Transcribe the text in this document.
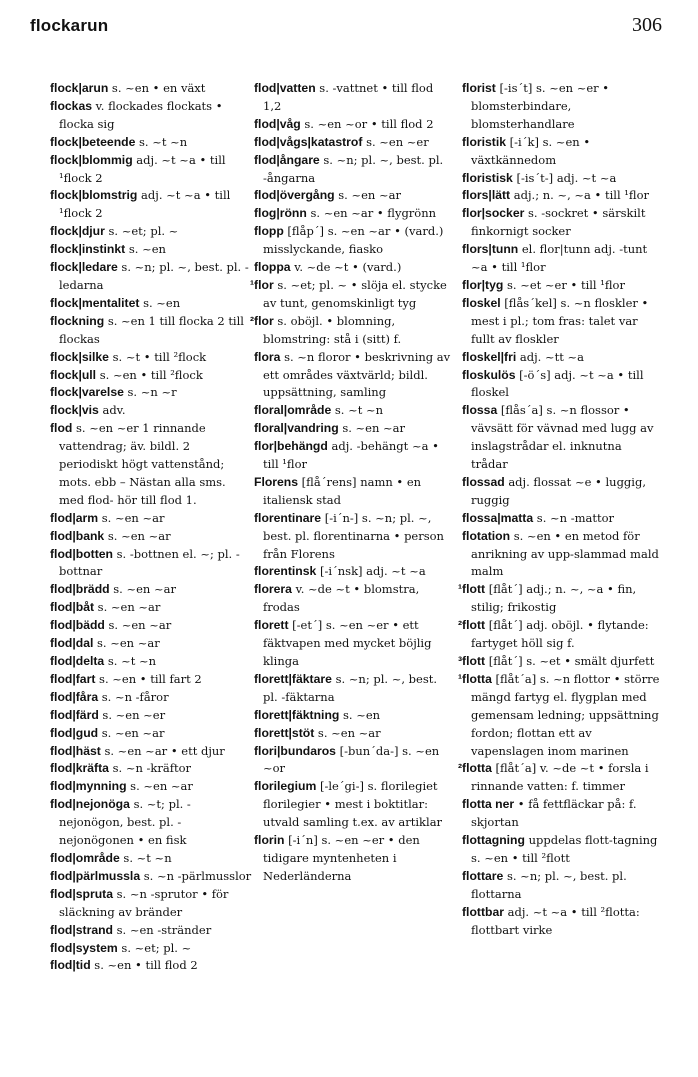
flockarun	306
flock|arun s. ~en • en växt
flockas v. flockades flockats • flocka sig
flock|beteende s. ~t ~n
flock|blommig adj. ~t ~a • till ¹flock 2
flock|blomstrig adj. ~t ~a • till ¹flock 2
flock|djur s. ~et; pl. ~
flock|instinkt s. ~en
flock|ledare s. ~n; pl. ~, best. pl. -ledarna
flock|mentalitet s. ~en
flockning s. ~en 1 till flocka 2 till flockas
flock|silke s. ~t • till ²flock
flock|ull s. ~en • till ²flock
flock|varelse s. ~n ~r
flock|vis adv.
flod s. ~en ~er 1 rinnande vattendrag; äv. bildl. 2 periodiskt högt vattenstånd; mots. ebb – Nästan alla sms. med flod- hör till flod 1.
flod|arm s. ~en ~ar
flod|bank s. ~en ~ar
flod|botten s. -bottnen el. ~; pl. -bottnar
flod|brädd s. ~en ~ar
flod|båt s. ~en ~ar
flod|bädd s. ~en ~ar
flod|dal s. ~en ~ar
flod|delta s. ~t ~n
flod|fart s. ~en • till fart 2
flod|fåra s. ~n -fåror
flod|färd s. ~en ~er
flod|gud s. ~en ~ar
flod|häst s. ~en ~ar • ett djur
flod|kräfta s. ~n -kräftor
flod|mynning s. ~en ~ar
flod|nejonöga s. ~t; pl. -nejonögon, best. pl. -nejonögonen • en fisk
flod|område s. ~t ~n
flod|pärlmussla s. ~n -pärlmusslor
flod|spruta s. ~n -sprutor • för släckning av bränder
flod|strand s. ~en -stränder
flod|system s. ~et; pl. ~
flod|tid s. ~en • till flod 2
flod|vatten s. -vattnet • till flod 1,2
flod|våg s. ~en ~or • till flod 2
flod|vågs|katastrof s. ~en ~er
flod|ångare s. ~n; pl. ~, best. pl. -ångarna
flod|övergång s. ~en ~ar
flog|rönn s. ~en ~ar • flygrönn
flopp [flåp´] s. ~en ~ar • (vard.) misslyckande, fiasko
floppa v. ~de ~t • (vard.)
¹flor s. ~et; pl. ~ • slöja el. stycke av tunt, genomskinligt tyg
²flor s. oböjl. • blomning, blomstring: stå i (sitt) f.
flora s. ~n floror • beskrivning av ett områdes växtvärld; bildl. uppsättning, samling
floral|område s. ~t ~n
floral|vandring s. ~en ~ar
flor|behängd adj. -behängt ~a • till ¹flor
Florens [flå´rens] namn • en italiensk stad
florentinare [-i´n-] s. ~n; pl. ~, best. pl. florentinarna • person från Florens
florentinsk [-i´nsk] adj. ~t ~a
florera v. ~de ~t • blomstra, frodas
florett [-et´] s. ~en ~er • ett fäktvapen med mycket böjlig klinga
florett|fäktare s. ~n; pl. ~, best. pl. -fäktarna
florett|fäktning s. ~en
florett|stöt s. ~en ~ar
flori|bundaros [-bun´da-] s. ~en ~or
florilegium [-le´gi-] s. florilegiet florilegier • mest i boktitlar: utvald samling t.ex. av artiklar
florin [-i´n] s. ~en ~er • den tidigare myntenheten i Nederländerna
florist [-is´t] s. ~en ~er • blomsterbindare, blomsterhandlare
floristik [-i´k] s. ~en • växtkännedom
floristisk [-is´t-] adj. ~t ~a
flors|lätt adj.; n. ~, ~a • till ¹flor
flor|socker s. -sockret • särskilt finkornigt socker
flors|tunn el. flor|tunn adj. -tunt ~a • till ¹flor
flor|tyg s. ~et ~er • till ¹flor
floskel [flås´kel] s. ~n floskler • mest i pl.; tom fras: talet var fullt av floskler
floskel|fri adj. ~tt ~a
floskulös [-ö´s] adj. ~t ~a • till floskel
flossa [flås´a] s. ~n flossor • vävsätt för vävnad med lugg av inslagstrådar el. inknutna trådar
flossad adj. flossat ~e • luggig, ruggig
flossa|matta s. ~n -mattor
flotation s. ~en • en metod för anrikning av upp-slammad mald malm
¹flott [flåt´] adj.; n. ~, ~a • fin, stilig; frikostig
²flott [flåt´] adj. oböjl. • flytande: fartyget höll sig f.
³flott [flåt´] s. ~et • smält djurfett
¹flotta [flåt´a] s. ~n flottor • större mängd fartyg el. flygplan med gemensam ledning; uppsättning fordon; flottan ett av vapenslagen inom marinen
²flotta [flåt´a] v. ~de ~t • forsla i rinnande vatten: f. timmer
flotta ner • få fettfläckar på: f. skjortan
flottagning uppdelas flott-tagning s. ~en • till ²flott
flottare s. ~n; pl. ~, best. pl. flottarna
flottbar adj. ~t ~a • till ²flotta: flottbart virke
